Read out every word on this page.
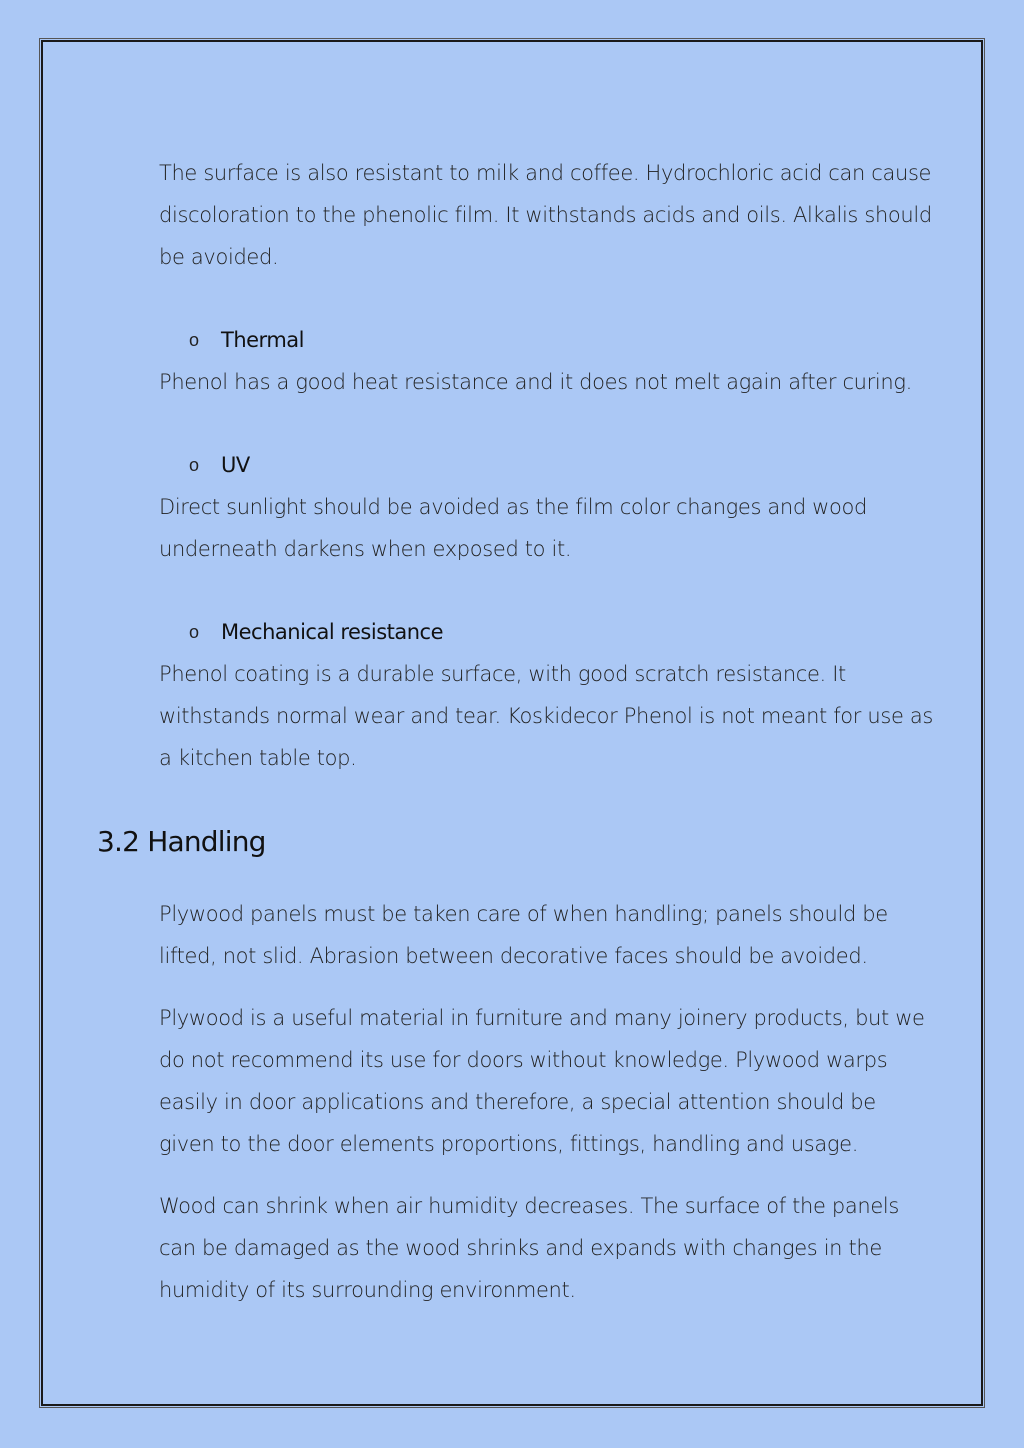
The surface is also resistant to milk and coffee. Hydrochloric acid can cause discoloration to the phenolic film. It withstands acids and oils. Alkalis should be avoided.

o	Thermal

Phenol has a good heat resistance and it does not melt again after curing.

o	UV

Direct sunlight should be avoided as the film color changes and wood underneath darkens when exposed to it.

o	Mechanical resistance

Phenol coating is a durable surface, with good scratch resistance. It withstands normal wear and tear. Koskidecor Phenol is not meant for use as a kitchen table top.

3.2 Handling

Plywood panels must be taken care of when handling; panels should be lifted, not slid. Abrasion between decorative faces should be avoided.

Plywood is a useful material in furniture and many joinery products, but we do not recommend its use for doors without knowledge. Plywood warps easily in door applications and therefore, a special attention should be given to the door elements proportions, fittings, handling and usage.

Wood can shrink when air humidity decreases. The surface of the panels can be damaged as the wood shrinks and expands with changes in the humidity of its surrounding environment.
